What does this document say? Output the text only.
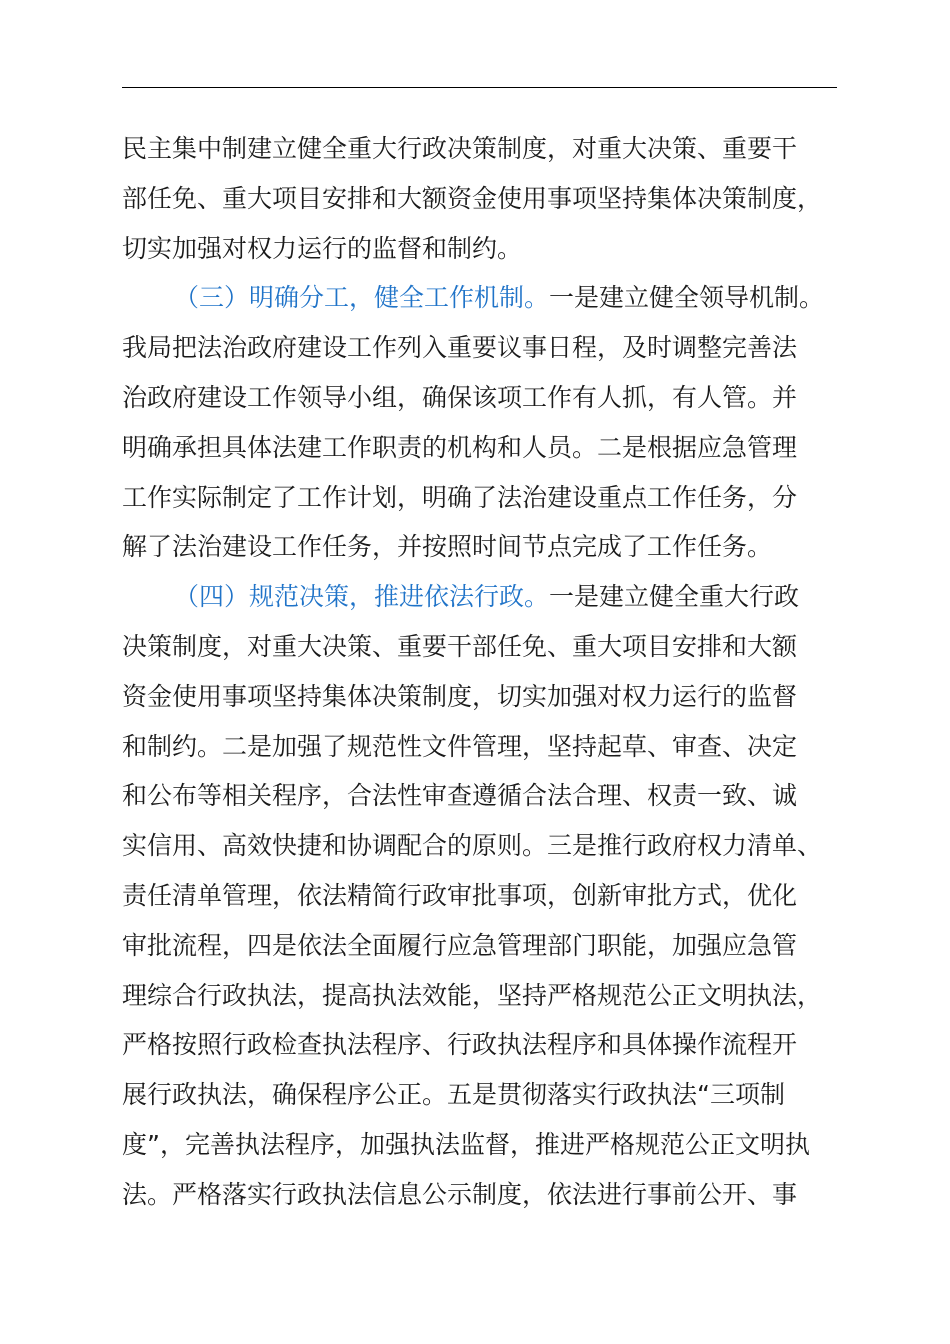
民主集中制建立健全重大行政决策制度，对重大决策、重要干

部任免、重大项目安排和大额资金使用事项坚持集体决策制度，

切实加强对权力运行的监督和制约。

（三）明确分工，健全工作机制。一是建立健全领导机制。

我局把法治政府建设工作列入重要议事日程，及时调整完善法

治政府建设工作领导小组，确保该项工作有人抓，有人管。并

明确承担具体法建工作职责的机构和人员。二是根据应急管理

工作实际制定了工作计划，明确了法治建设重点工作任务，分

解了法治建设工作任务，并按照时间节点完成了工作任务。

（四）规范决策，推进依法行政。一是建立健全重大行政

决策制度，对重大决策、重要干部任免、重大项目安排和大额

资金使用事项坚持集体决策制度，切实加强对权力运行的监督

和制约。二是加强了规范性文件管理，坚持起草、审查、决定

和公布等相关程序，合法性审查遵循合法合理、权责一致、诚

实信用、高效快捷和协调配合的原则。三是推行政府权力清单、

责任清单管理，依法精简行政审批事项，创新审批方式，优化

审批流程，四是依法全面履行应急管理部门职能，加强应急管

理综合行政执法，提高执法效能，坚持严格规范公正文明执法，

严格按照行政检查执法程序、行政执法程序和具体操作流程开

展行政执法，确保程序公正。五是贯彻落实行政执法“三项制

度”，完善执法程序，加强执法监督，推进严格规范公正文明执

法。严格落实行政执法信息公示制度，依法进行事前公开、事
